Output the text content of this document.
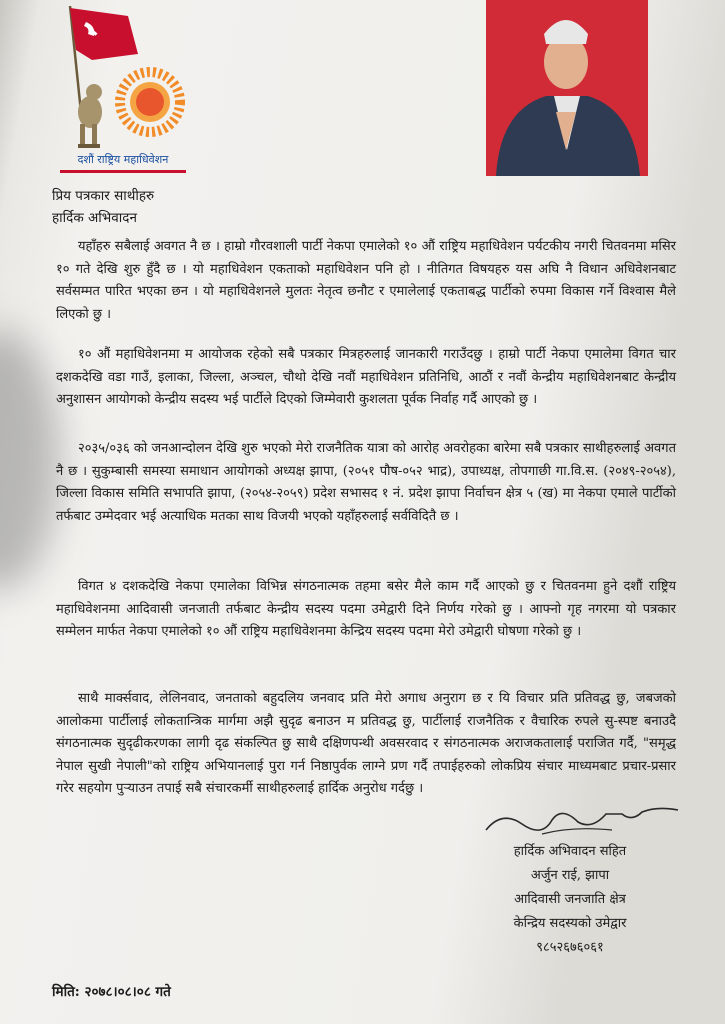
दशौं राष्ट्रिय महाधिवेशन
प्रिय पत्रकार साथीहरु
हार्दिक अभिवादन
यहाँहरु सबैलाई अवगत नै छ । हाम्रो गौरवशाली पार्टी नेकपा एमालेको १० औं राष्ट्रिय महाधिवेशन पर्यटकीय नगरी चितवनमा मसिर १० गते देखि शुरु हुँदै छ । यो महाधिवेशन एकताको महाधिवेशन पनि हो । नीतिगत विषयहरु यस अघि नै विधान अधिवेशनबाट सर्वसम्मत पारित भएका छन । यो महाधिवेशनले मुलतः नेतृत्व छनौट र एमालेलाई एकताबद्ध पार्टीको रुपमा विकास गर्ने विश्वास मैले लिएको छु ।
१० औं महाधिवेशनमा म आयोजक रहेको सबै पत्रकार मित्रहरुलाई जानकारी गराउँदछु । हाम्रो पार्टी नेकपा एमालेमा विगत चार दशकदेखि वडा गाउँ, इलाका, जिल्ला, अञ्चल, चौथो देखि नवौं महाधिवेशन प्रतिनिधि, आठौं र नवौं केन्द्रीय महाधिवेशनबाट केन्द्रीय अनुशासन आयोगको केन्द्रीय सदस्य भई पार्टीले दिएको जिम्मेवारी कुशलता पूर्वक निर्वाह गर्दै आएको छु ।
२०३५/०३६ को जनआन्दोलन देखि शुरु भएको मेरो राजनैतिक यात्रा को आरोह अवरोहका बारेमा सबै पत्रकार साथीहरुलाई अवगत नै छ । सुकुम्बासी समस्या समाधान आयोगको अध्यक्ष झापा, (२०५१ पौष-०५२ भाद्र), उपाध्यक्ष, तोपगाछी गा.वि.स. (२०४९-२०५४), जिल्ला विकास समिति सभापति झापा, (२०५४-२०५९) प्रदेश सभासद १ नं. प्रदेश झापा निर्वाचन क्षेत्र ५ (ख) मा नेकपा एमाले पार्टीको तर्फबाट उम्मेदवार भई अत्याधिक मतका साथ विजयी भएको यहाँहरुलाई सर्वविदितै छ ।
विगत ४ दशकदेखि नेकपा एमालेका विभिन्न संगठनात्मक तहमा बसेर मैले काम गर्दै आएको छु र चितवनमा हुने दशौं राष्ट्रिय महाधिवेशनमा आदिवासी जनजाती तर्फबाट केन्द्रीय सदस्य पदमा उमेद्वारी दिने निर्णय गरेको छु । आफ्नो गृह नगरमा यो पत्रकार सम्मेलन मार्फत नेकपा एमालेको १० औं राष्ट्रिय महाधिवेशनमा केन्द्रिय सदस्य पदमा मेरो उमेद्वारी घोषणा गरेको छु ।
साथै मार्क्सवाद, लेलिनवाद, जनताको बहुदलिय जनवाद प्रति मेरो अगाध अनुराग छ र यि विचार प्रति प्रतिवद्ध छु, जबजको आलोकमा पार्टीलाई लोकतान्त्रिक मार्गमा अझै सुदृढ बनाउन म प्रतिवद्ध छु, पार्टीलाई राजनैतिक र वैचारिक रुपले सु-स्पष्ट बनाउदै संगठनात्मक सुदृढीकरणका लागी दृढ संकल्पित छु साथै दक्षिणपन्थी अवसरवाद र संगठनात्मक अराजकतालाई पराजित गर्दै, "समृद्ध नेपाल सुखी नेपाली"को राष्ट्रिय अभियानलाई पुरा गर्न निष्ठापुर्वक लाग्ने प्रण गर्दै तपाईहरुको लोकप्रिय संचार माध्यमबाट प्रचार-प्रसार गरेर सहयोग पुऱ्याउन तपाई सबै संचारकर्मी साथीहरुलाई हार्दिक अनुरोध गर्दछु ।
हार्दिक अभिवादन सहित
अर्जुन राई, झापा
आदिवासी जनजाति क्षेत्र
केन्द्रिय सदस्यको उमेद्वार
९८५२६७६०६१
मिति: २०७८।०८।०८ गते
